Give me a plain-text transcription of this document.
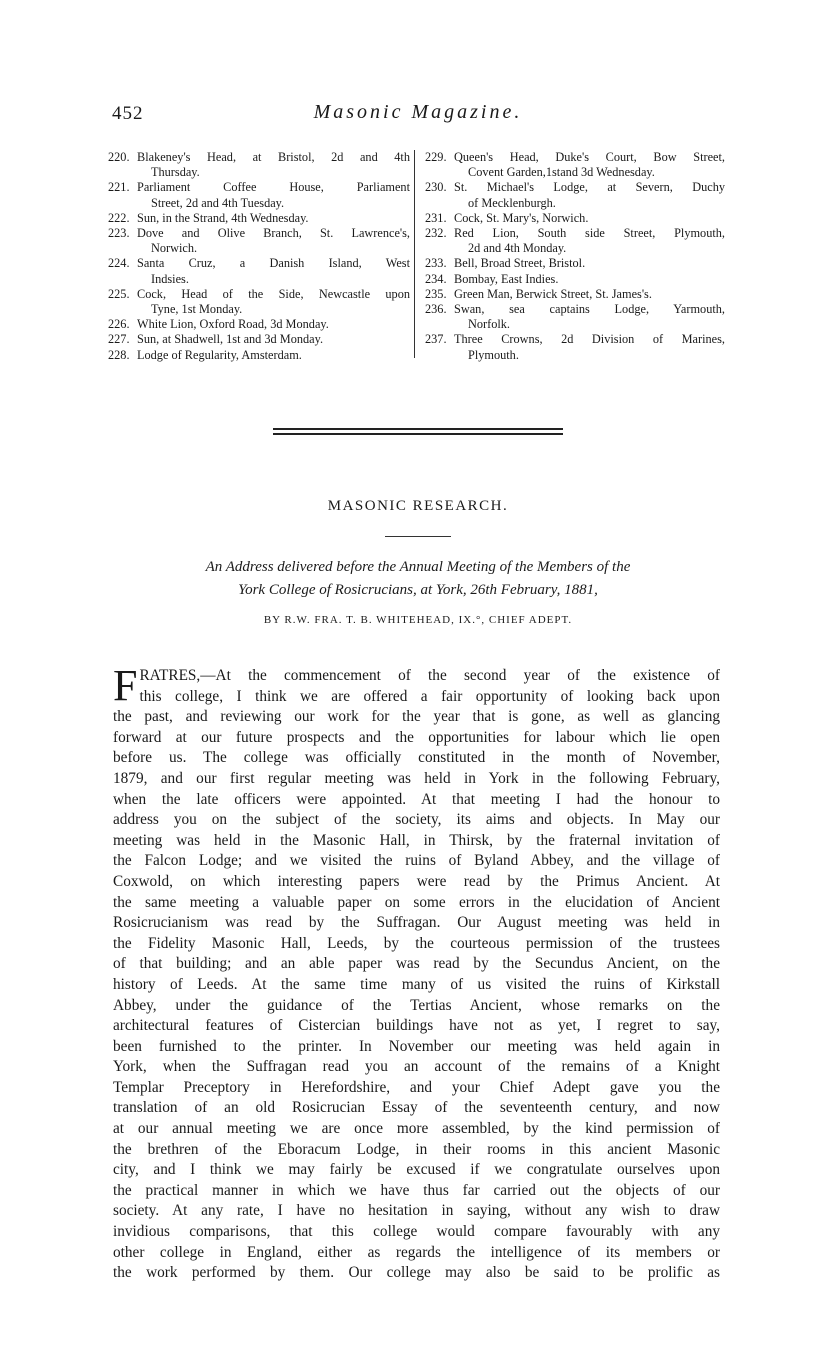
452	Masonic Magazine.
220. Blakeney's Head, at Bristol, 2d and 4th
Thursday.
221. Parliament Coffee House, Parliament
Street, 2d and 4th Tuesday.
222. Sun, in the Strand, 4th Wednesday.
223. Dove and Olive Branch, St. Lawrence's,
Norwich.
224. Santa Cruz, a Danish Island, West
Indsies.
225. Cock, Head of the Side, Newcastle upon
Tyne, 1st Monday.
226. White Lion, Oxford Road, 3d Monday.
227. Sun, at Shadwell, 1st and 3d Monday.
228. Lodge of Regularity, Amsterdam.
229. Queen's Head, Duke's Court, Bow Street,
Covent Garden,1stand 3d Wednesday.
230. St. Michael's Lodge, at Severn, Duchy
of Mecklenburgh.
231. Cock, St. Mary's, Norwich.
232. Red Lion, South side Street, Plymouth,
2d and 4th Monday.
233. Bell, Broad Street, Bristol.
234. Bombay, East Indies.
235. Green Man, Berwick Street, St. James's.
236. Swan, sea captains Lodge, Yarmouth,
Norfolk.
237. Three Crowns, 2d Division of Marines,
Plymouth.
MASONIC RESEARCH.
An Address delivered before the Annual Meeting of the Members of the
York College of Rosicrucians, at York, 26th February, 1881,
BY R.W. FRA. T. B. WHITEHEAD, IX.°, CHIEF ADEPT.
F RATRES,—At the commencement of the second year of the existence of
this college, I think we are offered a fair opportunity of looking back upon
the past, and reviewing our work for the year that is gone, as well as glancing
forward at our future prospects and the opportunities for labour which lie open
before us. The college was officially constituted in the month of November,
1879, and our first regular meeting was held in York in the following February,
when the late officers were appointed. At that meeting I had the honour to
address you on the subject of the society, its aims and objects. In May our
meeting was held in the Masonic Hall, in Thirsk, by the fraternal invitation of
the Falcon Lodge; and we visited the ruins of Byland Abbey, and the village of
Coxwold, on which interesting papers were read by the Primus Ancient. At
the same meeting a valuable paper on some errors in the elucidation of Ancient
Rosicrucianism was read by the Suffragan. Our August meeting was held in
the Fidelity Masonic Hall, Leeds, by the courteous permission of the trustees
of that building; and an able paper was read by the Secundus Ancient, on the
history of Leeds. At the same time many of us visited the ruins of Kirkstall
Abbey, under the guidance of the Tertias Ancient, whose remarks on the
architectural features of Cistercian buildings have not as yet, I regret to say,
been furnished to the printer. In November our meeting was held again in
York, when the Suffragan read you an account of the remains of a Knight
Templar Preceptory in Herefordshire, and your Chief Adept gave you the
translation of an old Rosicrucian Essay of the seventeenth century, and now
at our annual meeting we are once more assembled, by the kind permission of
the brethren of the Eboracum Lodge, in their rooms in this ancient Masonic
city, and I think we may fairly be excused if we congratulate ourselves upon
the practical manner in which we have thus far carried out the objects of our
society. At any rate, I have no hesitation in saying, without any wish to draw
invidious comparisons, that this college would compare favourably with any
other college in England, either as regards the intelligence of its members or
the work performed by them. Our college may also be said to be prolific as
